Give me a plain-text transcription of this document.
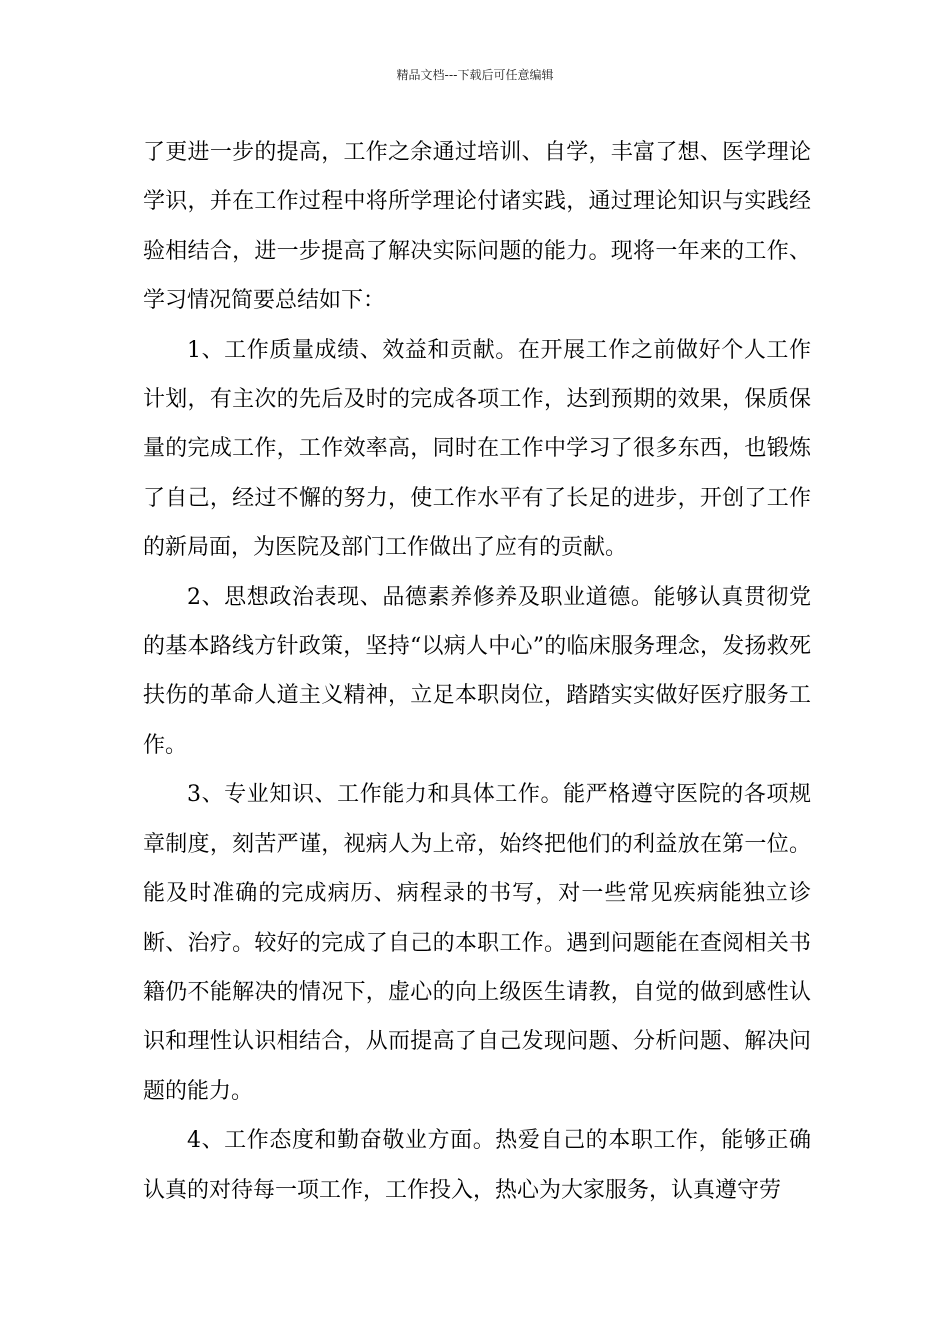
精品文档---下载后可任意编辑

了更进一步的提高，工作之余通过培训、自学，丰富了想、医学理论学识，并在工作过程中将所学理论付诸实践，通过理论知识与实践经验相结合，进一步提高了解决实际问题的能力。现将一年来的工作、学习情况简要总结如下：

1、工作质量成绩、效益和贡献。在开展工作之前做好个人工作计划，有主次的先后及时的完成各项工作，达到预期的效果，保质保量的完成工作，工作效率高，同时在工作中学习了很多东西，也锻炼了自己，经过不懈的努力，使工作水平有了长足的进步，开创了工作的新局面，为医院及部门工作做出了应有的贡献。

2、思想政治表现、品德素养修养及职业道德。能够认真贯彻党的基本路线方针政策，坚持“以病人中心”的临床服务理念，发扬救死扶伤的革命人道主义精神，立足本职岗位，踏踏实实做好医疗服务工作。

3、专业知识、工作能力和具体工作。能严格遵守医院的各项规章制度，刻苦严谨，视病人为上帝，始终把他们的利益放在第一位。能及时准确的完成病历、病程录的书写，对一些常见疾病能独立诊断、治疗。较好的完成了自己的本职工作。遇到问题能在查阅相关书籍仍不能解决的情况下，虚心的向上级医生请教，自觉的做到感性认识和理性认识相结合，从而提高了自己发现问题、分析问题、解决问题的能力。

4、工作态度和勤奋敬业方面。热爱自己的本职工作，能够正确认真的对待每一项工作，工作投入，热心为大家服务，认真遵守劳
